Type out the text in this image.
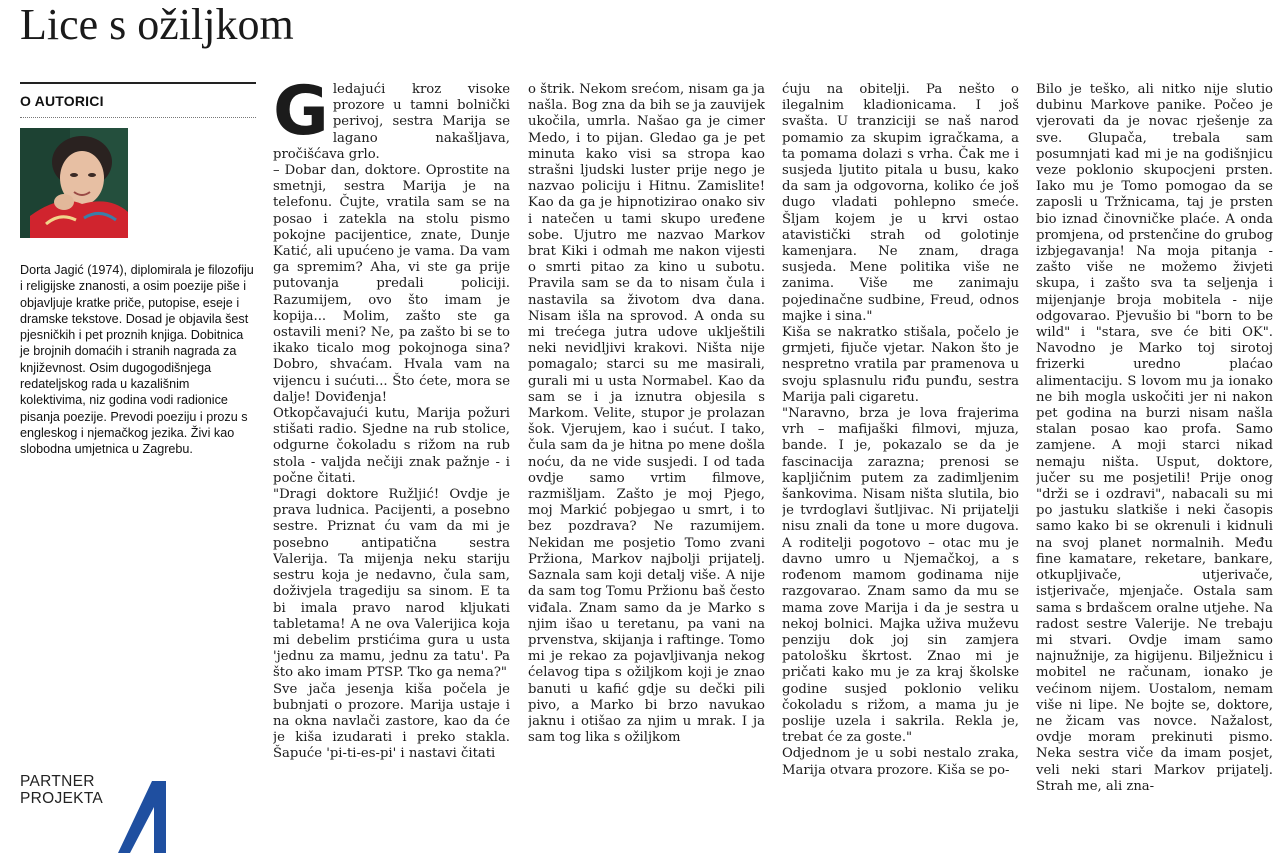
Lice s ožiljkom
O AUTORICI

Dorta Jagić (1974), diplomirala je filozofiju i religijske znanosti, a osim poezije piše i objavljuje kratke priče, putopise, eseje i dramske tekstove. Dosad je objavila šest pjesničkih i pet proznih knjiga. Dobitnica je brojnih domaćih i stranih nagrada za književnost. Osim dugogodišnjega redateljskog rada u kazališnim kolektivima, niz godina vodi radionice pisanja poezije. Prevodi poeziju i prozu s engleskog i njemačkog jezika. Živi kao slobodna umjetnica u Zagrebu.

PARTNER
PROJEKTA
G ledajući kroz visoke prozore u tamni bolnički perivoj, sestra Marija se lagano nakašljava, pročišćava grlo.

– Dobar dan, doktore. Oprostite na smetnji, sestra Marija je na telefonu. Čujte, vratila sam se na posao i zatekla na stolu pismo pokojne pacijentice, znate, Dunje Katić, ali upućeno je vama. Da vam ga spremim? Aha, vi ste ga prije putovanja predali policiji. Razumijem, ovo što imam je kopija... Molim, zašto ste ga ostavili meni? Ne, pa zašto bi se to ikako ticalo mog pokojnoga sina? Dobro, shvaćam. Hvala vam na vijencu i sućuti... Što ćete, mora se dalje! Doviđenja!

Otkopčavajući kutu, Marija požuri stišati radio. Sjedne na rub stolice, odgurne čokoladu s rižom na rub stola - valjda nečiji znak pažnje - i počne čitati.

"Dragi doktore Ružljić! Ovdje je prava ludnica. Pacijenti, a posebno sestre. Priznat ću vam da mi je posebno antipatična sestra Valerija. Ta mijenja neku stariju sestru koja je nedavno, čula sam, doživjela tragediju sa sinom. E ta bi imala pravo narod kljukati tabletama! A ne ova Valerijica koja mi debelim prstićima gura u usta 'jednu za mamu, jednu za tatu'. Pa što ako imam PTSP. Tko ga nema?"

Sve jača jesenja kiša počela je bubnjati o prozore. Marija ustaje i na okna navlači zastore, kao da će je kiša izudarati i preko stakla. Šapuće 'pi-ti-es-pi' i nastavi čitati

o štrik. Nekom srećom, nisam ga ja našla. Bog zna da bih se ja zauvijek ukočila, umrla. Našao ga je cimer Medo, i to pijan. Gledao ga je pet minuta kako visi sa stropa kao strašni ljudski luster prije nego je nazvao policiju i Hitnu. Zamislite! Kao da ga je hipnotizirao onako siv i natečen u tami skupo uređene sobe. Ujutro me nazvao Markov brat Kiki i odmah me nakon vijesti o smrti pitao za kino u subotu. Pravila sam se da to nisam čula i nastavila sa životom dva dana. Nisam išla na sprovod. A onda su mi trećega jutra udove uklještili neki nevidljivi krakovi. Ništa nije pomagalo; starci su me masirali, gurali mi u usta Normabel. Kao da sam se i ja iznutra objesila s Markom. Velite, stupor je prolazan šok. Vjerujem, kao i sućut. I tako, čula sam da je hitna po mene došla noću, da ne vide susjedi. I od tada ovdje samo vrtim filmove, razmišljam. Zašto je moj Pjego, moj Markić pobjegao u smrt, i to bez pozdrava? Ne razumijem. Nekidan me posjetio Tomo zvani Pržiona, Markov najbolji prijatelj. Saznala sam koji detalj više. A nije da sam tog Tomu Pržionu baš često viđala. Znam samo da je Marko s njim išao u teretanu, pa vani na prvenstva, skijanja i raftinge. Tomo mi je rekao za pojavljivanja nekog ćelavog tipa s ožiljkom koji je znao banuti u kafić gdje su dečki pili pivo, a Marko bi brzo navukao jaknu i otišao za njim u mrak. I ja sam tog lika s ožiljkom

ćuju na obitelji. Pa nešto o ilegalnim kladionicama. I još svašta. U tranziciji se naš narod pomamio za skupim igračkama, a ta pomama dolazi s vrha. Čak me i susjeda ljutito pitala u busu, kako da sam ja odgovorna, koliko će još dugo vladati pohlepno smeće. Šljam kojem je u krvi ostao atavistički strah od golotinje kamenjara. Ne znam, draga susjeda. Mene politika više ne zanima. Više me zanimaju pojedinačne sudbine, Freud, odnos majke i sina."

Kiša se nakratko stišala, počelo je grmjeti, fijuče vjetar. Nakon što je nespretno vratila par pramenova u svoju splasnulu riđu punđu, sestra Marija pali cigaretu.

"Naravno, brza je lova frajerima vrh – mafijaški filmovi, mjuza, bande. I je, pokazalo se da je fascinacija zarazna; prenosi se kapljičnim putem za zadimljenim šankovima. Nisam ništa slutila, bio je tvrdoglavi šutljivac. Ni prijatelji nisu znali da tone u more dugova. A roditelji pogotovo – otac mu je davno umro u Njemačkoj, a s rođenom mamom godinama nije razgovarao. Znam samo da mu se mama zove Marija i da je sestra u nekoj bolnici. Majka uživa muževu penziju dok joj sin zamjera patološku škrtost. Znao mi je pričati kako mu je za kraj školske godine susjed poklonio veliku čokoladu s rižom, a mama ju je poslije uzela i sakrila. Rekla je, trebat će za goste."

Odjednom je u sobi nestalo zraka, Marija otvara prozore. Kiša se po-

Bilo je teško, ali nitko nije slutio dubinu Markove panike. Počeo je vjerovati da je novac rješenje za sve. Glupača, trebala sam posumnjati kad mi je na godišnjicu veze poklonio skupocjeni prsten. Iako mu je Tomo pomogao da se zaposli u Tržnicama, taj je prsten bio iznad činovničke plaće. A onda promjena, od prstenčine do grubog izbjegavanja! Na moja pitanja - zašto više ne možemo živjeti skupa, i zašto sva ta seljenja i mijenjanje broja mobitela - nije odgovarao. Pjevušio bi "born to be wild" i "stara, sve će biti OK". Navodno je Marko toj sirotoj frizerki uredno plaćao alimentaciju. S lovom mu ja ionako ne bih mogla uskočiti jer ni nakon pet godina na burzi nisam našla stalan posao kao profa. Samo zamjene. A moji starci nikad nemaju ništa. Usput, doktore, jučer su me posjetili! Prije onog "drži se i ozdravi", nabacali su mi po jastuku slatkiše i neki časopis samo kako bi se okrenuli i kidnuli na svoj planet normalnih. Među fine kamatare, reketare, bankare, otkupljivače, utjerivače, istjerivače, mjenjače. Ostala sam sama s brdašcem oralne utjehe. Na radost sestre Valerije. Ne trebaju mi stvari. Ovdje imam samo najnužnije, za higijenu. Bilježnicu i mobitel ne računam, ionako je većinom nijem. Uostalom, nemam više ni lipe. Ne bojte se, doktore, ne žicam vas novce. Nažalost, ovdje moram prekinuti pismo. Neka sestra viče da imam posjet, veli neki stari Markov prijatelj. Strah me, ali zna-
